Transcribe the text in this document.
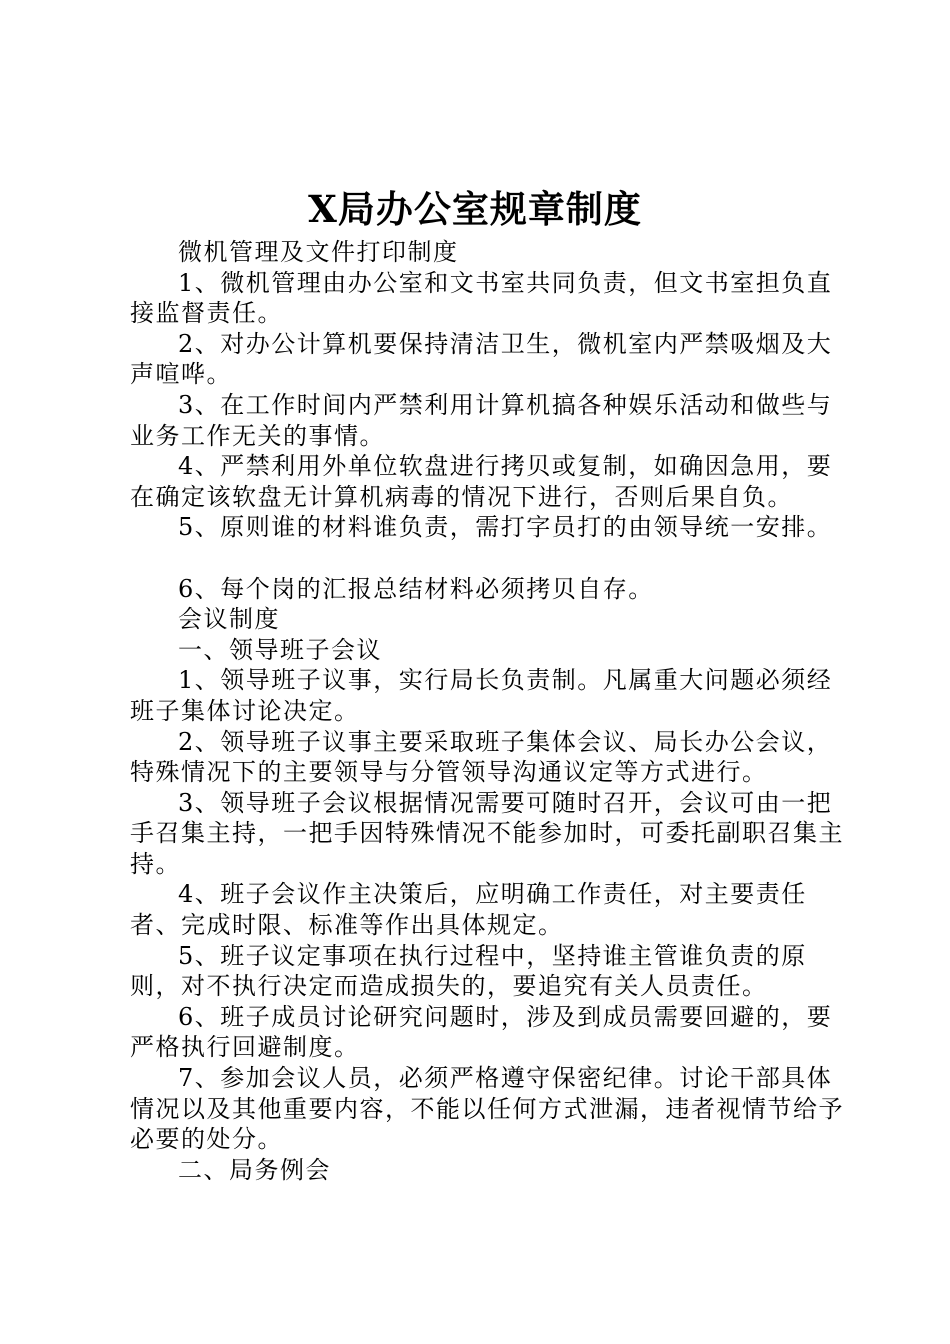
X局办公室规章制度

微机管理及文件打印制度

1、微机管理由办公室和文书室共同负责，但文书室担负直接监督责任。

2、对办公计算机要保持清洁卫生，微机室内严禁吸烟及大声喧哗。

3、在工作时间内严禁利用计算机搞各种娱乐活动和做些与业务工作无关的事情。

4、严禁利用外单位软盘进行拷贝或复制，如确因急用，要在确定该软盘无计算机病毒的情况下进行，否则后果自负。

5、原则谁的材料谁负责，需打字员打的由领导统一安排。

6、每个岗的汇报总结材料必须拷贝自存。

会议制度

一、领导班子会议

1、领导班子议事，实行局长负责制。凡属重大问题必须经班子集体讨论决定。

2、领导班子议事主要采取班子集体会议、局长办公会议，特殊情况下的主要领导与分管领导沟通议定等方式进行。

3、领导班子会议根据情况需要可随时召开，会议可由一把手召集主持，一把手因特殊情况不能参加时，可委托副职召集主持。

4、班子会议作主决策后，应明确工作责任，对主要责任者、完成时限、标准等作出具体规定。

5、班子议定事项在执行过程中，坚持谁主管谁负责的原则，对不执行决定而造成损失的，要追究有关人员责任。

6、班子成员讨论研究问题时，涉及到成员需要回避的，要严格执行回避制度。

7、参加会议人员，必须严格遵守保密纪律。讨论干部具体情况以及其他重要内容，不能以任何方式泄漏，违者视情节给予必要的处分。

二、局务例会
